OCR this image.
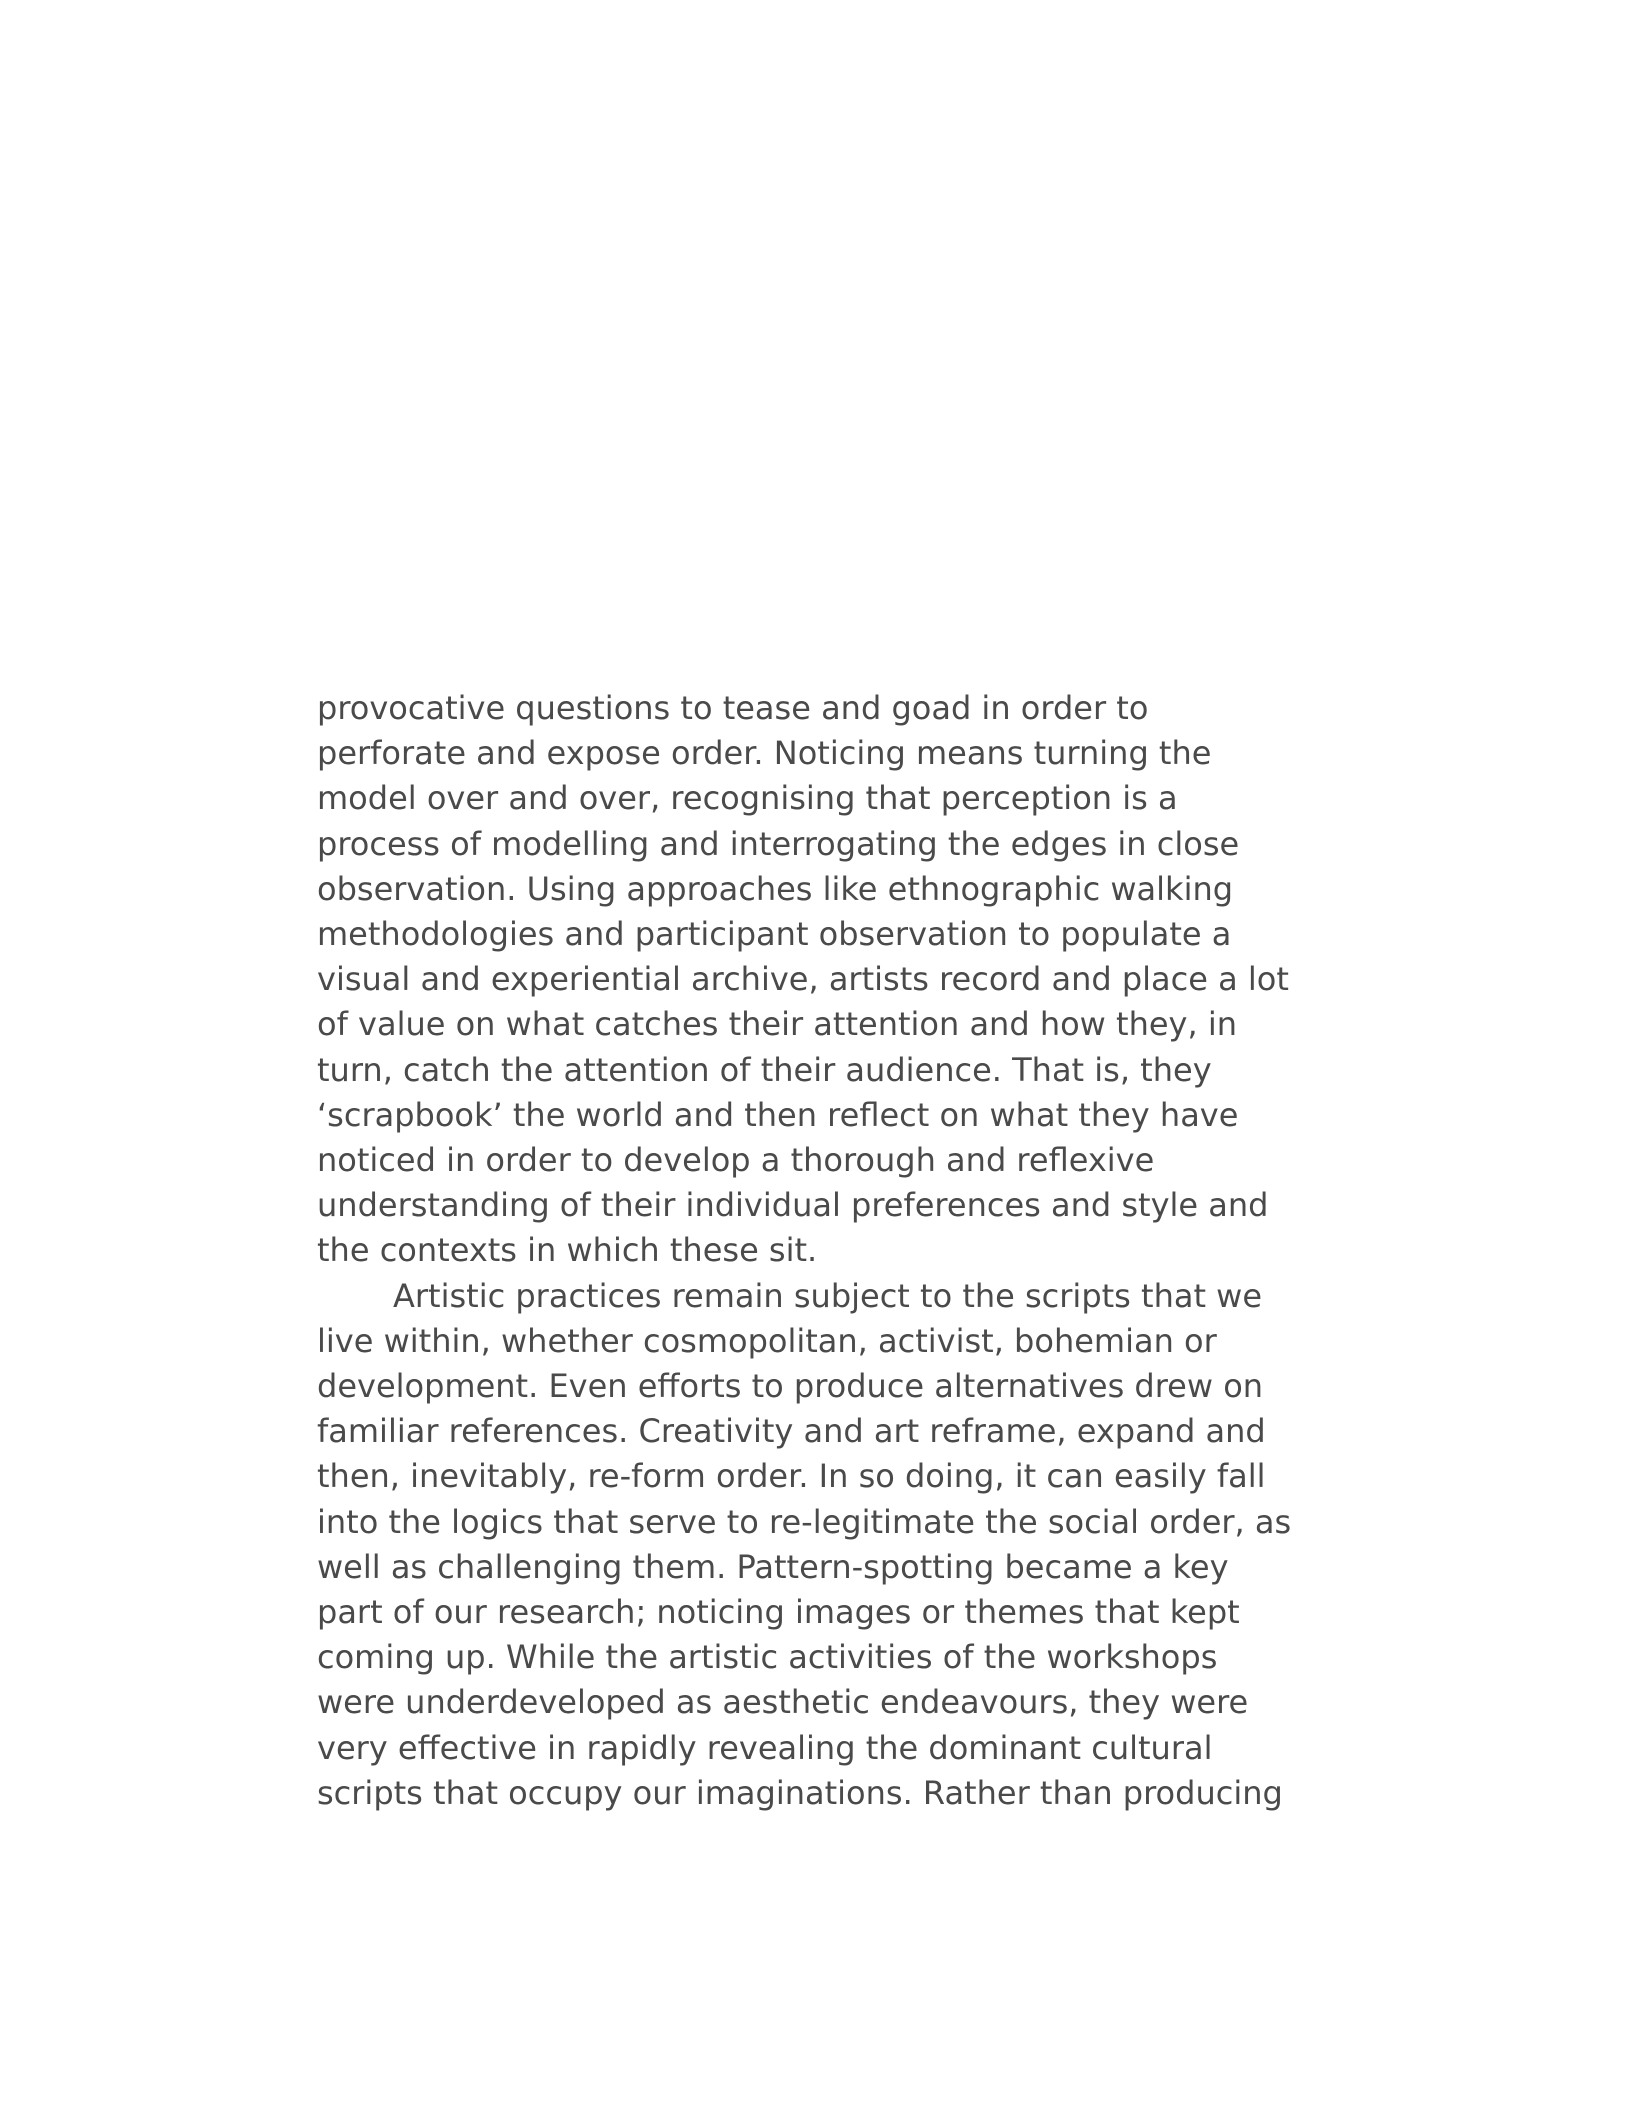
provocative questions to tease and goad in order to
perforate and expose order. Noticing means turning the
model over and over, recognising that perception is a
process of modelling and interrogating the edges in close
observation. Using approaches like ethnographic walking
methodologies and participant observation to populate a
visual and experiential archive, artists record and place a lot
of value on what catches their attention and how they, in
turn, catch the attention of their audience. That is, they
‘scrapbook’ the world and then reflect on what they have
noticed in order to develop a thorough and reflexive
understanding of their individual preferences and style and
the contexts in which these sit.
Artistic practices remain subject to the scripts that we
live within, whether cosmopolitan, activist, bohemian or
development. Even efforts to produce alternatives drew on
familiar references. Creativity and art reframe, expand and
then, inevitably, re-form order. In so doing, it can easily fall
into the logics that serve to re-legitimate the social order, as
well as challenging them. Pattern-spotting became a key
part of our research; noticing images or themes that kept
coming up. While the artistic activities of the workshops
were underdeveloped as aesthetic endeavours, they were
very effective in rapidly revealing the dominant cultural
scripts that occupy our imaginations. Rather than producing
